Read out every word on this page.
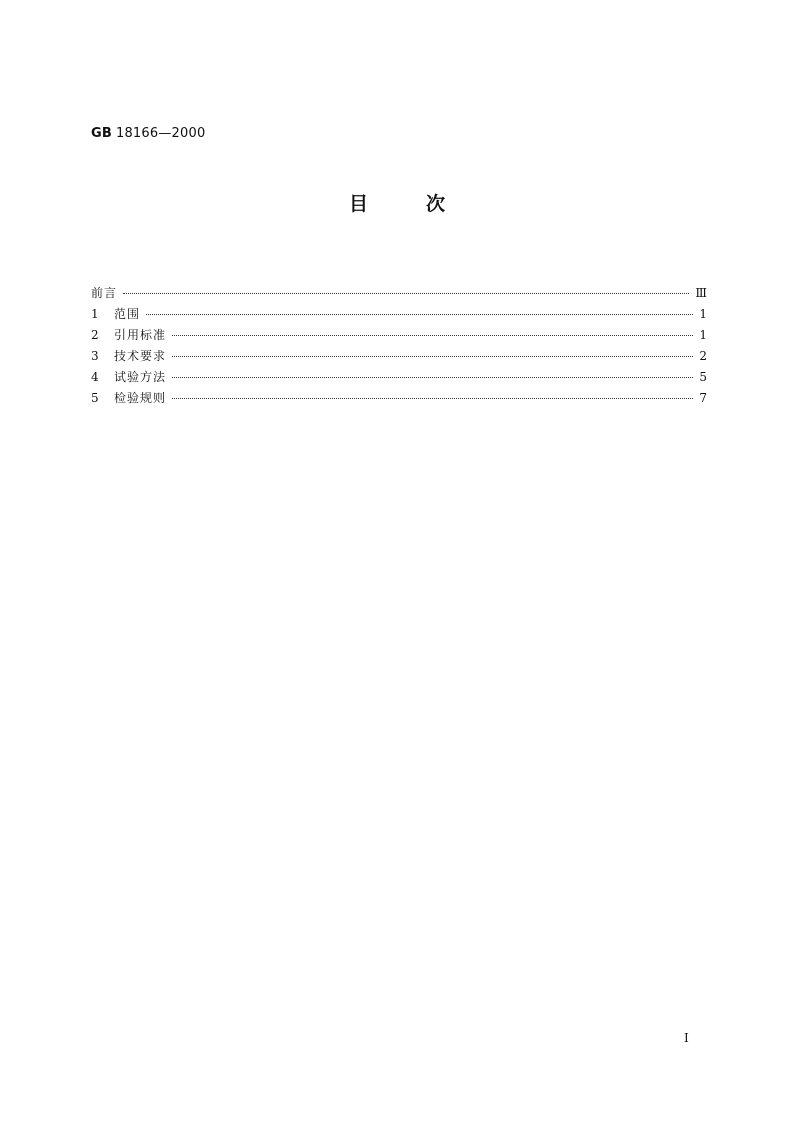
GB 18166—2000
目次
前言	Ⅲ
1	范围	1
2	引用标准	1
3	技术要求	2
4	试验方法	5
5	检验规则	7
I
